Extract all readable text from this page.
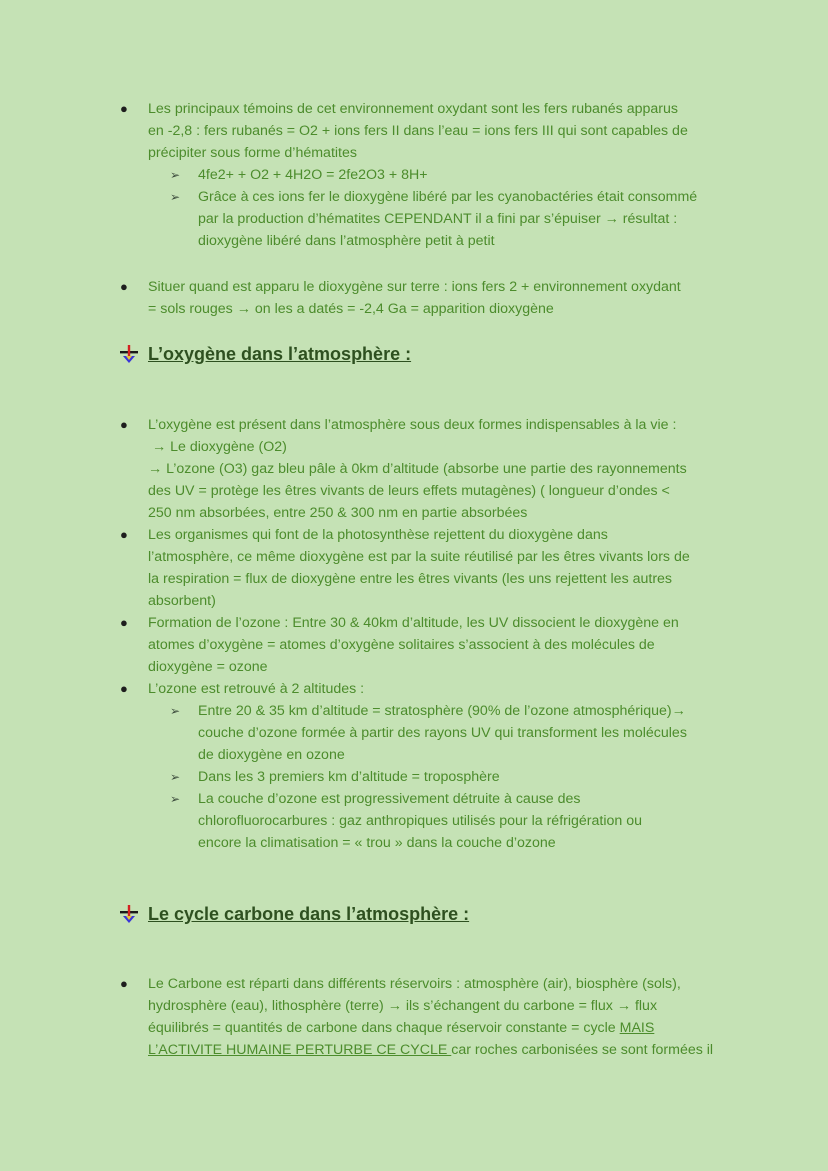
●	Les principaux témoins de cet environnement oxydant sont les fers rubanés apparus
en -2,8 : fers rubanés = O2 + ions fers II dans l’eau = ions fers III qui sont capables de
précipiter sous forme d’hématites
➢	4fe2+ + O2 + 4H2O = 2fe2O3 + 8H+
➢	Grâce à ces ions fer le dioxygène libéré par les cyanobactéries était consommé
par la production d’hématites CEPENDANT il a fini par s’épuiser → résultat :
dioxygène libéré dans l’atmosphère petit à petit
●	Situer quand est apparu le dioxygène sur terre : ions fers 2 + environnement oxydant
= sols rouges → on les a datés = -2,4 Ga = apparition dioxygène
L’oxygène dans l’atmosphère :
●	L’oxygène est présent dans l’atmosphère sous deux formes indispensables à la vie :
→ Le dioxygène (O2)
→ L’ozone (O3) gaz bleu pâle à 0km d’altitude (absorbe une partie des rayonnements
des UV = protège les êtres vivants de leurs effets mutagènes) ( longueur d’ondes <
250 nm absorbées, entre 250 & 300 nm en partie absorbées
●	Les organismes qui font de la photosynthèse rejettent du dioxygène dans
l’atmosphère, ce même dioxygène est par la suite réutilisé par les êtres vivants lors de
la respiration = flux de dioxygène entre les êtres vivants (les uns rejettent les autres
absorbent)
●	Formation de l’ozone : Entre 30 & 40km d’altitude, les UV dissocient le dioxygène en
atomes d’oxygène = atomes d’oxygène solitaires s’associent à des molécules de
dioxygène = ozone
●	L’ozone est retrouvé à 2 altitudes :
➢	Entre 20 & 35 km d’altitude = stratosphère (90% de l’ozone atmosphérique)→
couche d’ozone formée à partir des rayons UV qui transforment les molécules
de dioxygène en ozone
➢	Dans les 3 premiers km d’altitude = troposphère
➢	La couche d’ozone est progressivement détruite à cause des
chlorofluorocarbures : gaz anthropiques utilisés pour la réfrigération ou
encore la climatisation = « trou » dans la couche d’ozone
Le cycle carbone dans l’atmosphère :
●	Le Carbone est réparti dans différents réservoirs : atmosphère (air), biosphère (sols),
hydrosphère (eau), lithosphère (terre) → ils s’échangent du carbone = flux → flux
équilibrés = quantités de carbone dans chaque réservoir constante = cycle MAIS
L’ACTIVITE HUMAINE PERTURBE CE CYCLE car roches carbonisées se sont formées il
